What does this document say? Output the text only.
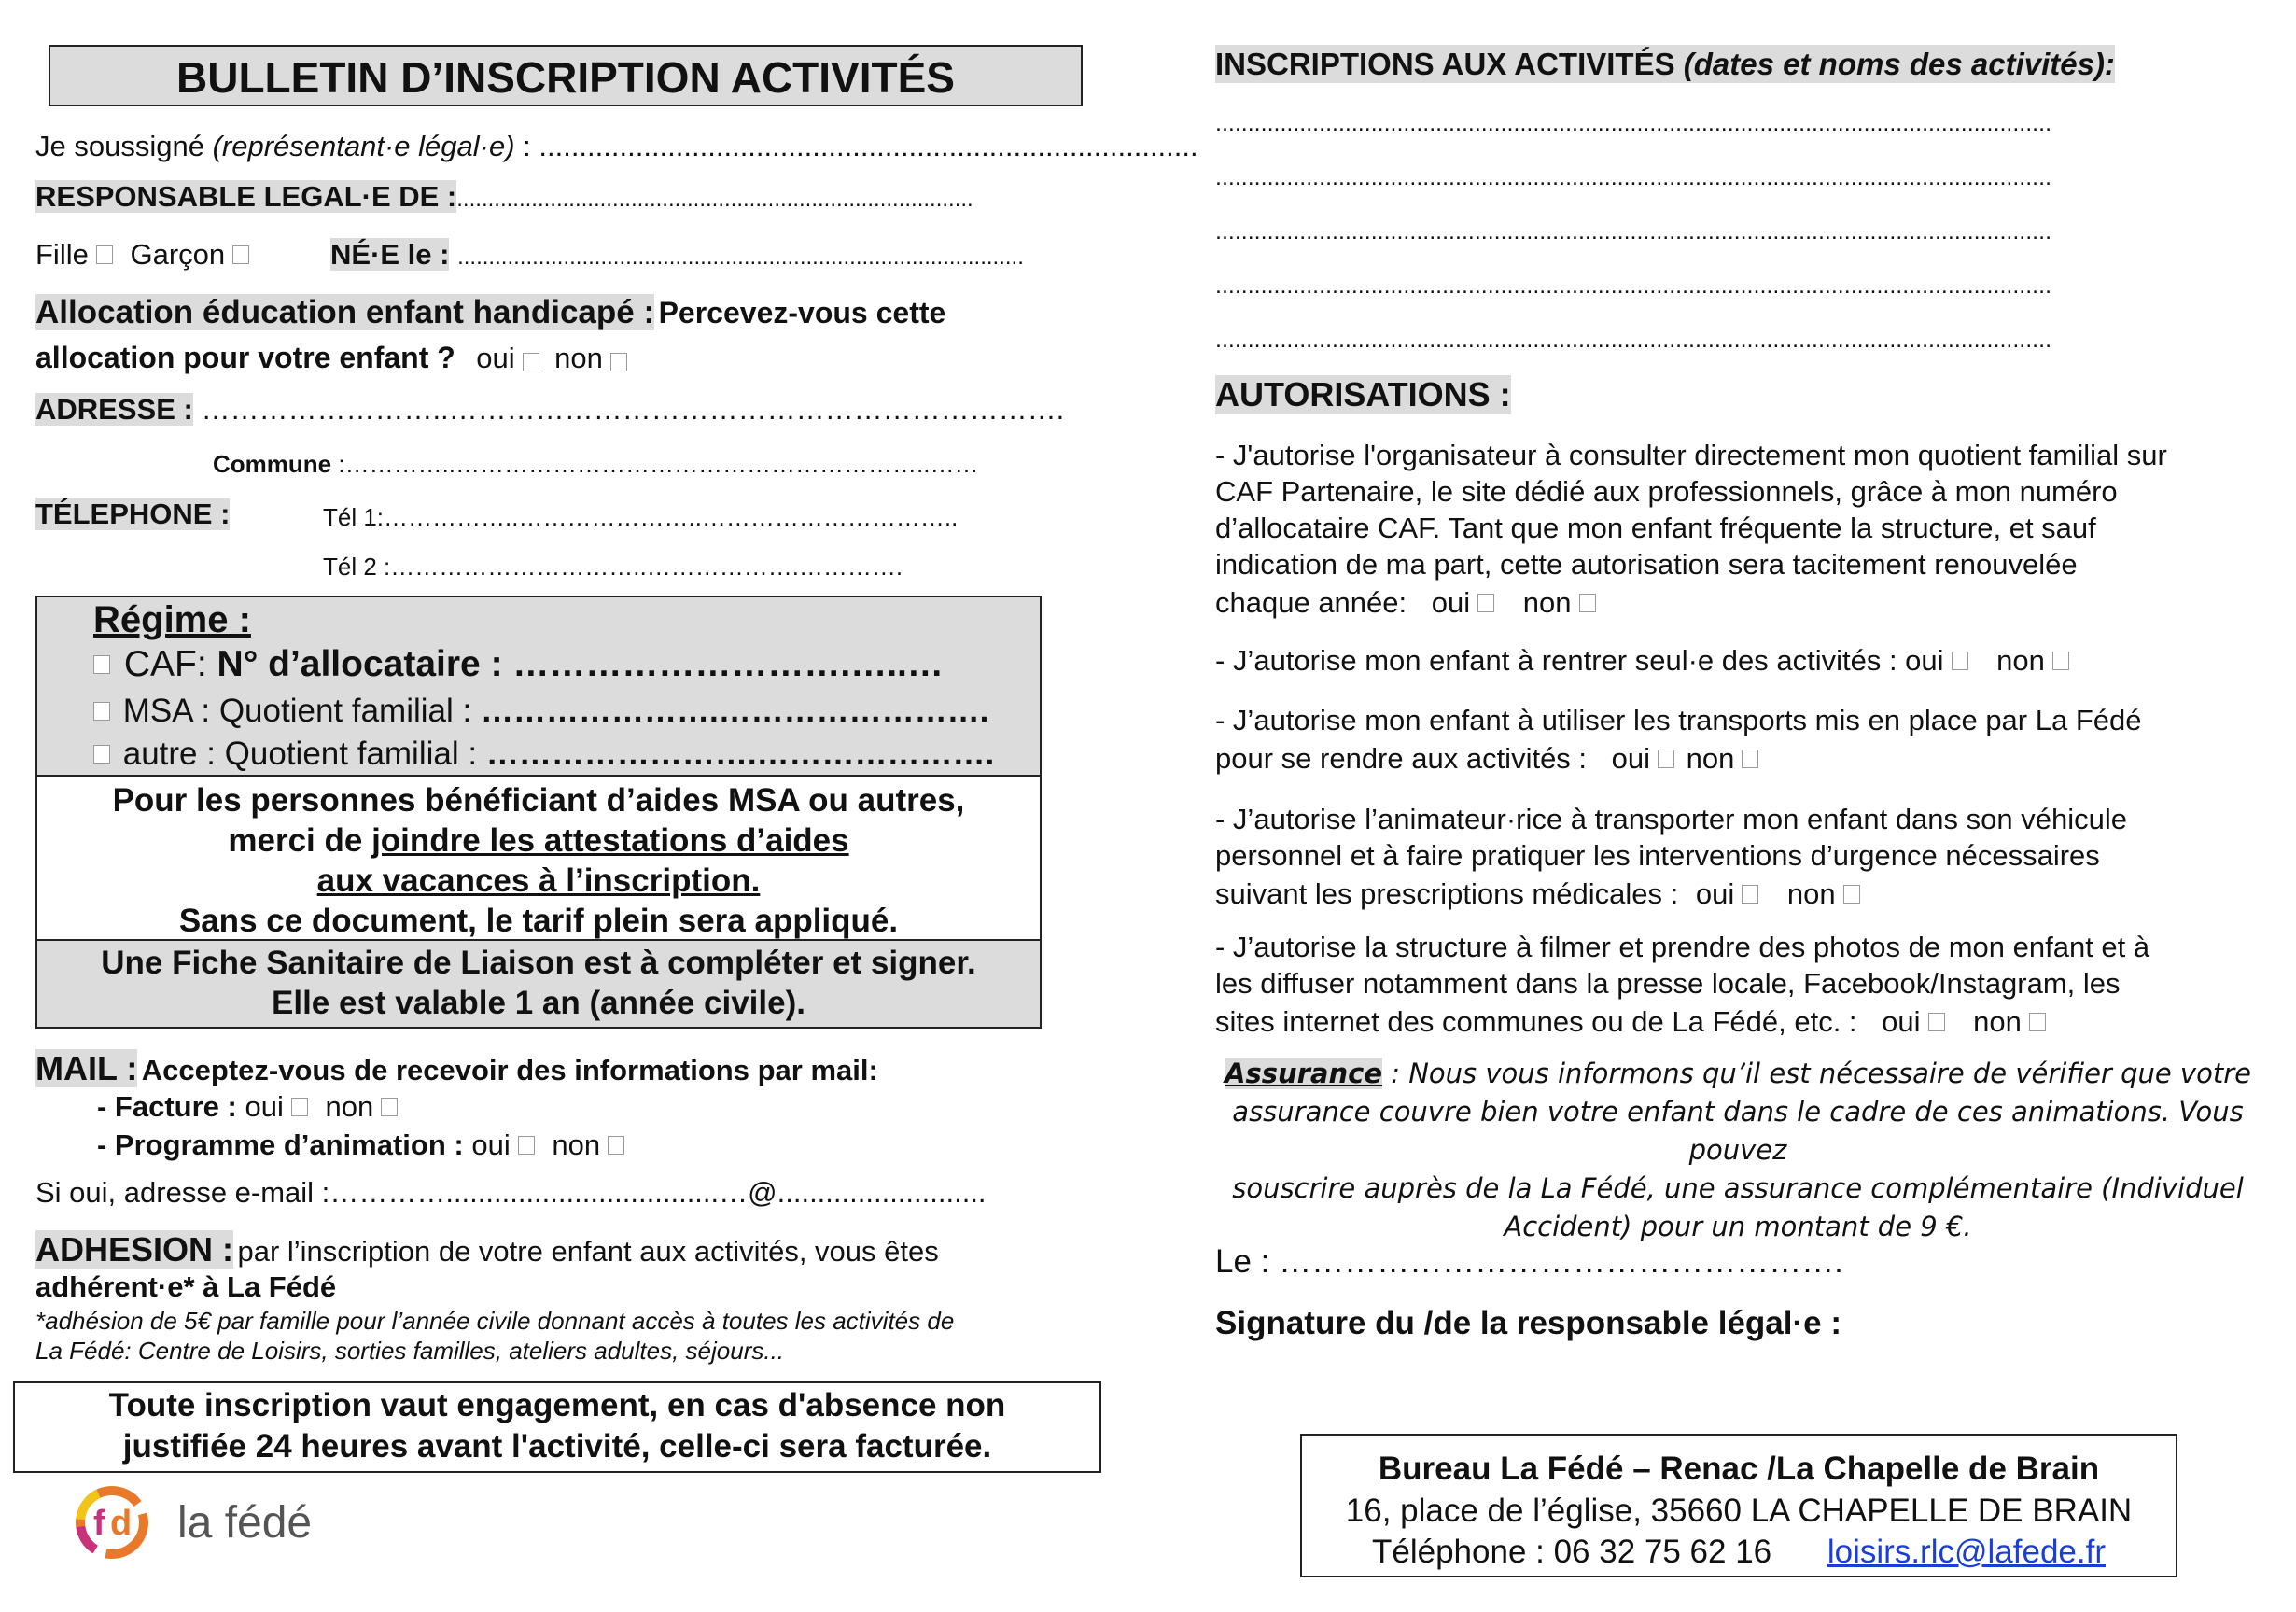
BULLETIN D’INSCRIPTION ACTIVITÉS
Je soussigné (représentant·e légal·e) : ..................................................................................
RESPONSABLE LEGAL·E DE :...................................................................................
Fille Garçon	NÉ·E le : ...........................................................................................
Allocation éducation enfant handicapé : Percevez-vous cette
allocation pour votre enfant ? oui non
ADRESSE : ……………………..……………………………………………………….
Commune :…………..…………………………………………………..……
TÉLEPHONE :	Tél 1:……………..…………………..…………………………..
Tél 2 :…………………………..……………….………….
Régime :
CAF: N° d’allocataire : ……………………….…..…
MSA : Quotient familial : ………………….…………………….
autre : Quotient familial : …………………….………………….
Pour les personnes bénéficiant d’aides MSA ou autres,
merci de joindre les attestations d’aides
aux vacances à l’inscription.
Sans ce document, le tarif plein sera appliqué.
Une Fiche Sanitaire de Liaison est à compléter et signer.
Elle est valable 1 an (année civile).
MAIL : Acceptez-vous de recevoir des informations par mail:
- Facture : oui non
- Programme d’animation : oui non
Si oui, adresse e-mail :…………..................................…@..........................
ADHESION : par l’inscription de votre enfant aux activités, vous êtes
adhérent·e* à La Fédé
*adhésion de 5€ par famille pour l’année civile donnant accès à toutes les activités de
La Fédé: Centre de Loisirs, sorties familles, ateliers adultes, séjours...
Toute inscription vaut engagement, en cas d'absence non
justifiée 24 heures avant l'activité, celle-ci sera facturée.
f d la fédé
INSCRIPTIONS AUX ACTIVITÉS (dates et noms des activités):
.................................................................................................................................
.................................................................................................................................
.................................................................................................................................
.................................................................................................................................
.................................................................................................................................
AUTORISATIONS :
- J'autorise l'organisateur à consulter directement mon quotient familial sur
CAF Partenaire, le site dédié aux professionnels, grâce à mon numéro
d’allocataire CAF. Tant que mon enfant fréquente la structure, et sauf
indication de ma part, cette autorisation sera tacitement renouvelée
chaque année: oui non
- J’autorise mon enfant à rentrer seul·e des activités : oui non
- J’autorise mon enfant à utiliser les transports mis en place par La Fédé
pour se rendre aux activités : oui non
- J’autorise l’animateur·rice à transporter mon enfant dans son véhicule
personnel et à faire pratiquer les interventions d’urgence nécessaires
suivant les prescriptions médicales : oui non
- J’autorise la structure à filmer et prendre des photos de mon enfant et à
les diffuser notamment dans la presse locale, Facebook/Instagram, les
sites internet des communes ou de La Fédé, etc. : oui non
Assurance : Nous vous informons qu’il est nécessaire de vérifier que votre
assurance couvre bien votre enfant dans le cadre de ces animations. Vous pouvez
souscrire auprès de la La Fédé, une assurance complémentaire (Individuel
Accident) pour un montant de 9 €.
Le : …………………………………………….
Signature du /de la responsable légal·e :
Bureau La Fédé – Renac /La Chapelle de Brain
16, place de l’église, 35660 LA CHAPELLE DE BRAIN
Téléphone : 06 32 75 62 16 loisirs.rlc@lafede.fr
